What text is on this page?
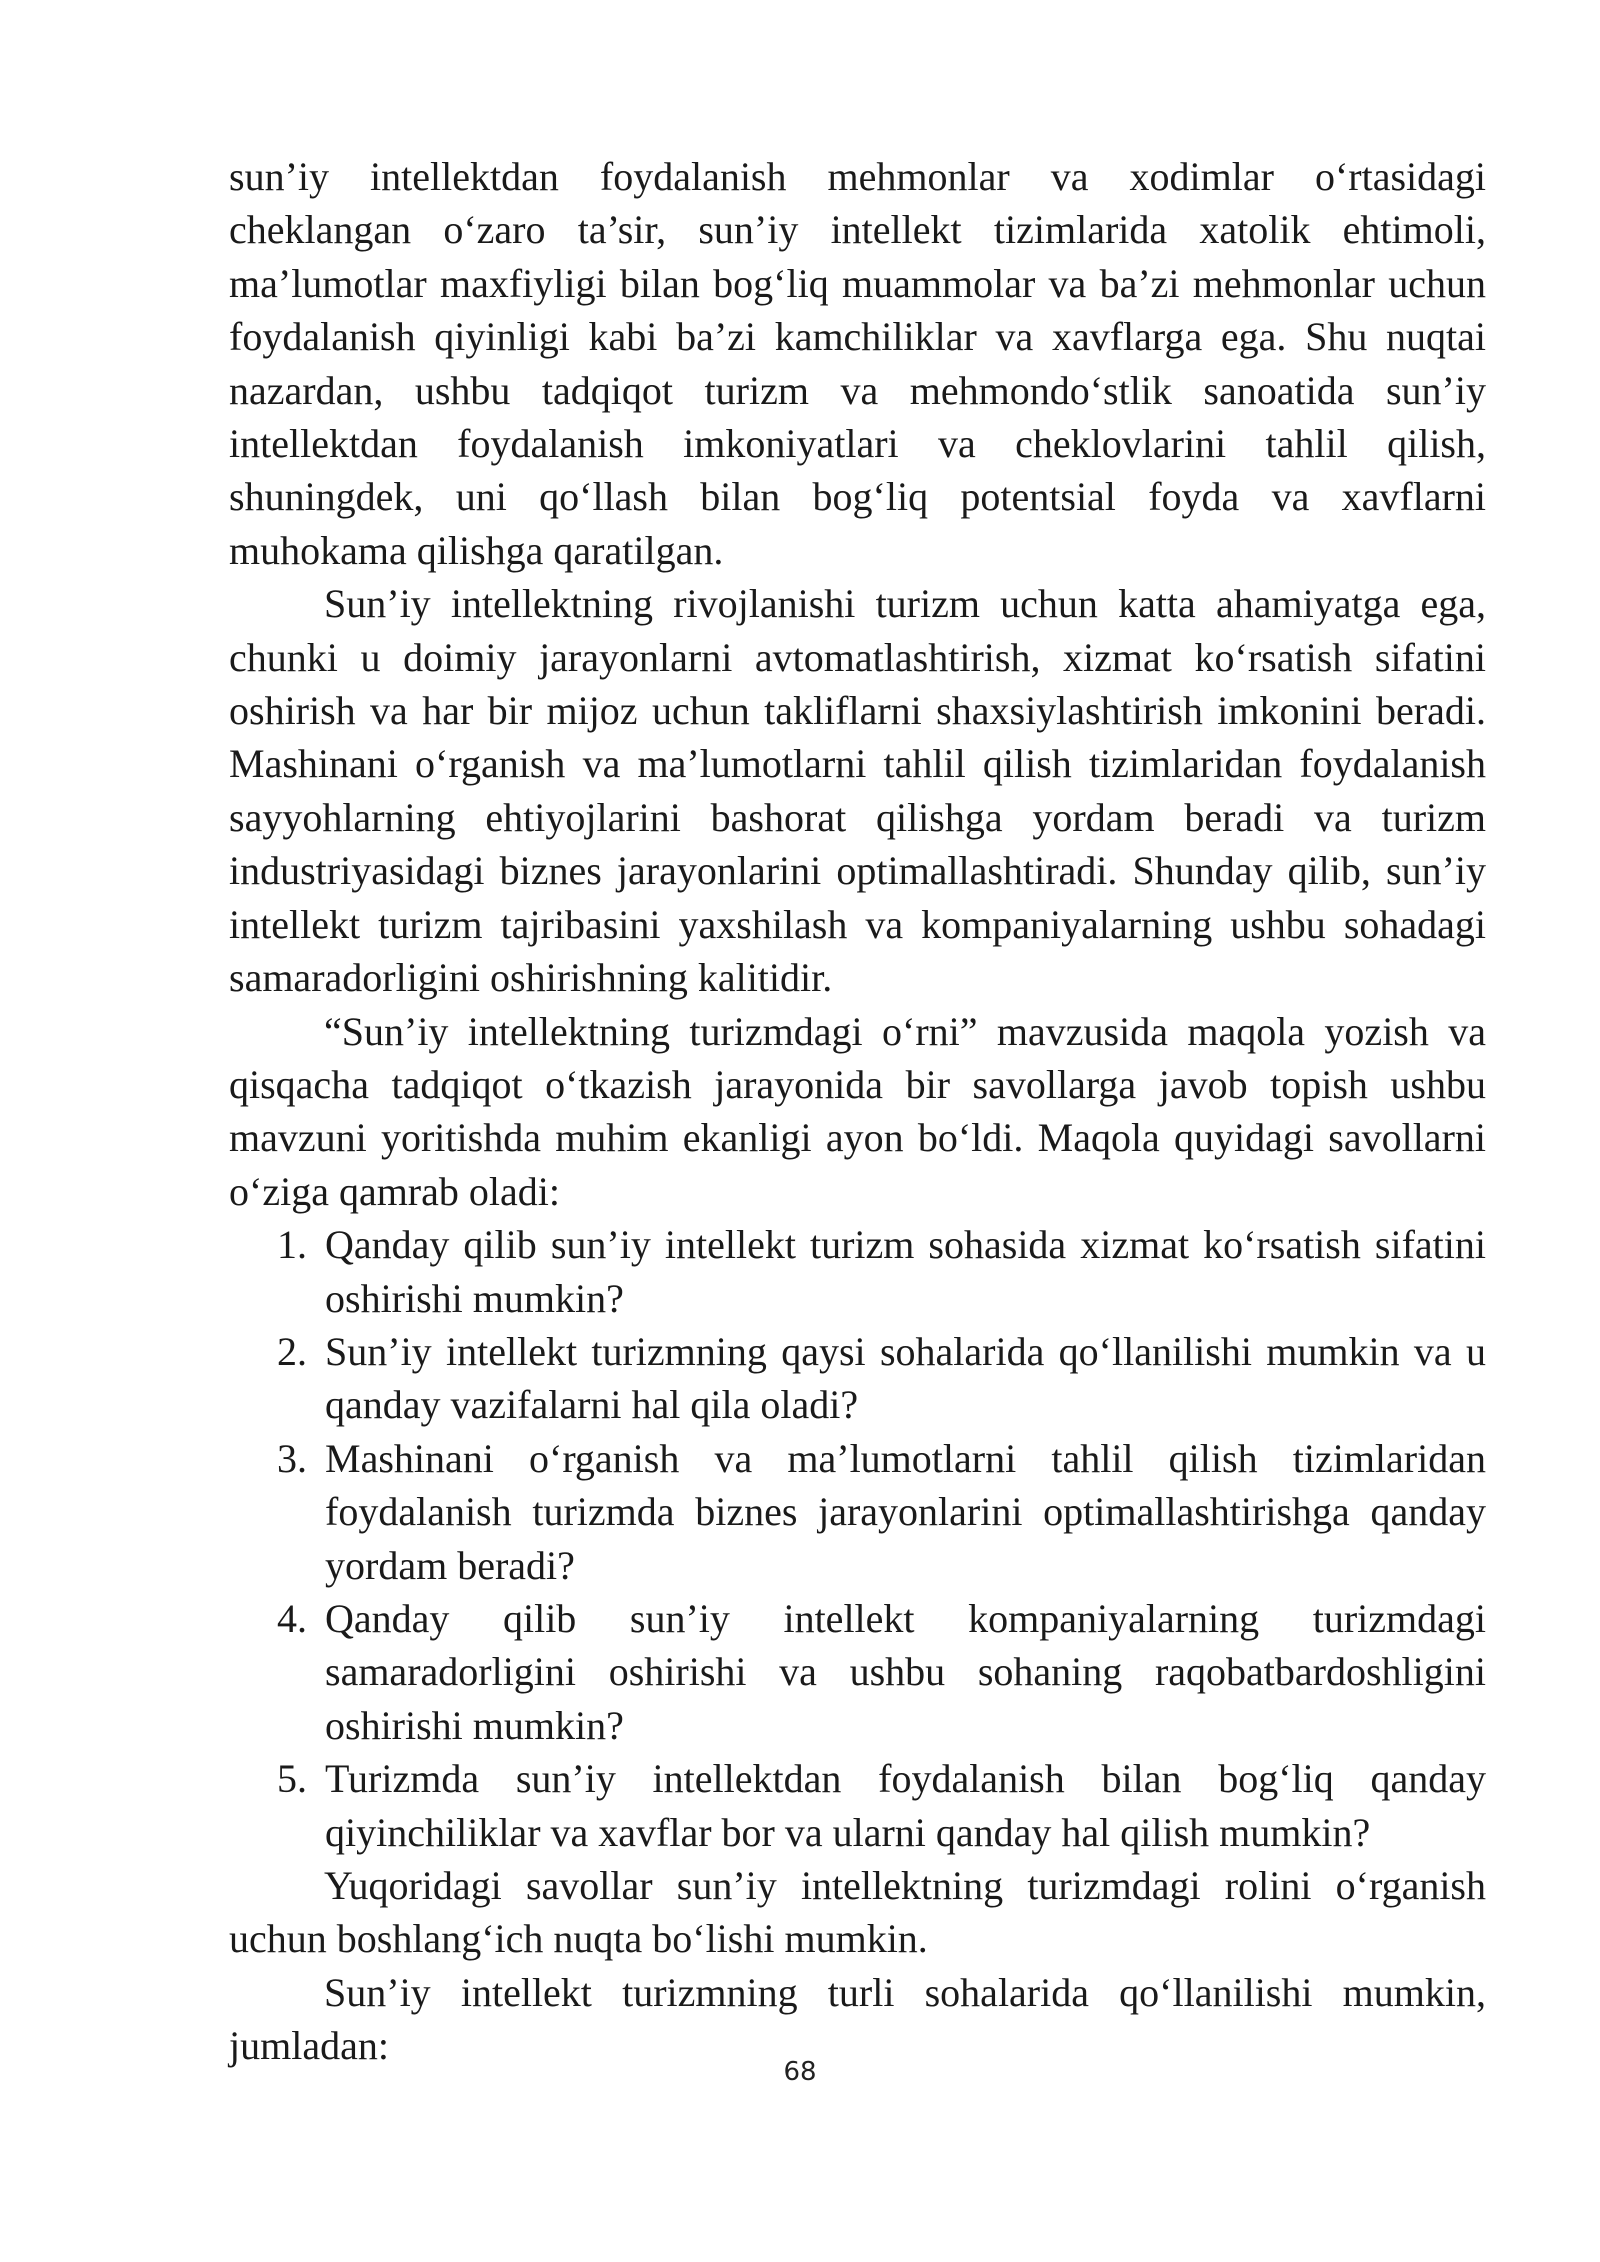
sun’iy intellektdan foydalanish mehmonlar va xodimlar o‘rtasidagi cheklangan o‘zaro ta’sir, sun’iy intellekt tizimlarida xatolik ehtimoli, ma’lumotlar maxfiyligi bilan bog‘liq muammolar va ba’zi mehmonlar uchun foydalanish qiyinligi kabi ba’zi kamchiliklar va xavflarga ega. Shu nuqtai nazardan, ushbu tadqiqot turizm va mehmondo‘stlik sanoatida sun’iy intellektdan foydalanish imkoniyatlari va cheklovlarini tahlil qilish, shuningdek, uni qo‘llash bilan bog‘liq potentsial foyda va xavflarni muhokama qilishga qaratilgan.

Sun’iy intellektning rivojlanishi turizm uchun katta ahamiyatga ega, chunki u doimiy jarayonlarni avtomatlashtirish, xizmat ko‘rsatish sifatini oshirish va har bir mijoz uchun takliflarni shaxsiylashtirish imkonini beradi. Mashinani o‘rganish va ma’lumotlarni tahlil qilish tizimlaridan foydalanish sayyohlarning ehtiyojlarini bashorat qilishga yordam beradi va turizm industriyasidagi biznes jarayonlarini optimallashtiradi. Shunday qilib, sun’iy intellekt turizm tajribasini yaxshilash va kompaniyalarning ushbu sohadagi samaradorligini oshirishning kalitidir.

“Sun’iy intellektning turizmdagi o‘rni” mavzusida maqola yozish va qisqacha tadqiqot o‘tkazish jarayonida bir savollarga javob topish ushbu mavzuni yoritishda muhim ekanligi ayon bo‘ldi. Maqola quyidagi savollarni o‘ziga qamrab oladi:

1. Qanday qilib sun’iy intellekt turizm sohasida xizmat ko‘rsatish sifatini oshirishi mumkin?
2. Sun’iy intellekt turizmning qaysi sohalarida qo‘llanilishi mumkin va u qanday vazifalarni hal qila oladi?
3. Mashinani o‘rganish va ma’lumotlarni tahlil qilish tizimlaridan foydalanish turizmda biznes jarayonlarini optimallashtirishga qanday yordam beradi?
4. Qanday qilib sun’iy intellekt kompaniyalarning turizmdagi samaradorligini oshirishi va ushbu sohaning raqobatbardoshligini oshirishi mumkin?
5. Turizmda sun’iy intellektdan foydalanish bilan bog‘liq qanday qiyinchiliklar va xavflar bor va ularni qanday hal qilish mumkin?

Yuqoridagi savollar sun’iy intellektning turizmdagi rolini o‘rganish uchun boshlang‘ich nuqta bo‘lishi mumkin.

Sun’iy intellekt turizmning turli sohalarida qo‘llanilishi mumkin, jumladan:

68
